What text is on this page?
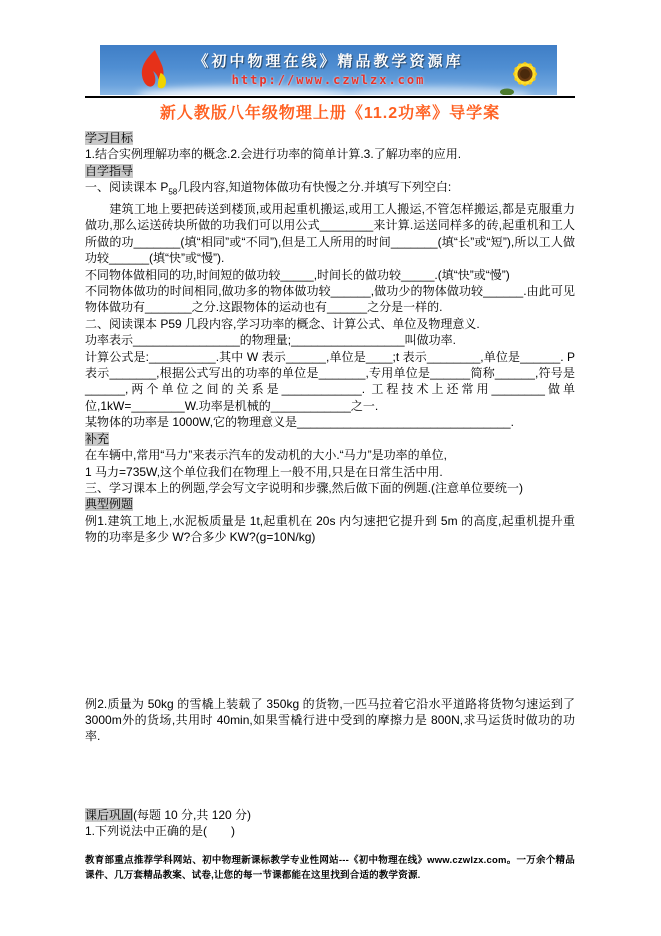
《初中物理在线》精品教学资源库
http://www.czwlzx.com
新人教版八年级物理上册《11.2功率》导学案

学习目标

1.结合实例理解功率的概念.2.会进行功率的简单计算.3.了解功率的应用.

自学指导

一、阅读课本 $P_{58}$几段内容,知道物体做功有快慢之分.并填写下列空白:

　　建筑工地上要把砖送到楼顶,或用起重机搬运,或用工人搬运,不管怎样搬运,都是克服重力做功,那么运送砖块所做的功我们可以用公式________来计算.运送同样多的砖,起重机和工人所做的功_______(填“相同”或“不同”),但是工人所用的时间_______(填“长”或“短”),所以工人做功较______(填“快”或“慢”).

不同物体做相同的功,时间短的做功较_____,时间长的做功较_____.(填“快”或“慢”)

不同物体做功的时间相同,做功多的物体做功较______,做功少的物体做功较______.由此可见物体做功有_______之分.这跟物体的运动也有______之分是一样的.

二、阅读课本 P59 几段内容,学习功率的概念、计算公式、单位及物理意义.

功率表示________________的物理量;_________________叫做功率.

计算公式是:__________.其中 W 表示______,单位是____;t 表示________,单位是______. P 表示_______,根据公式写出的功率的单位是_______,专用单位是______简称______,符号是______,两个单位之间的关系是____________. 工程技术上还常用________做单位,1kW=________W.功率是机械的____________之一.

某物体的功率是 1000W,它的物理意义是________________________________.

补充

在车辆中,常用“马力”来表示汽车的发动机的大小.“马力”是功率的单位,

1 马力=735W,这个单位我们在物理上一般不用,只是在日常生活中用.

三、学习课本上的例题,学会写文字说明和步骤,然后做下面的例题.(注意单位要统一)

典型例题

例1.建筑工地上,水泥板质量是 1t,起重机在 20s 内匀速把它提升到 5m 的高度,起重机提升重物的功率是多少 W?合多少 KW?(g=10N/kg)

例2.质量为 50kg 的雪橇上装载了 350kg 的货物,一匹马拉着它沿水平道路将货物匀速运到了 3000m外的货场,共用时 40min,如果雪橇行进中受到的摩擦力是 800N,求马运货时做功的功率.

课后巩固(每题 10 分,共 120 分)

1.下列说法中正确的是(　　)

教育部重点推荐学科网站、初中物理新课标教学专业性网站---《初中物理在线》www.czwlzx.com。一万余个精品课件、几万套精品教案、试卷,让您的每一节课都能在这里找到合适的教学资源.
